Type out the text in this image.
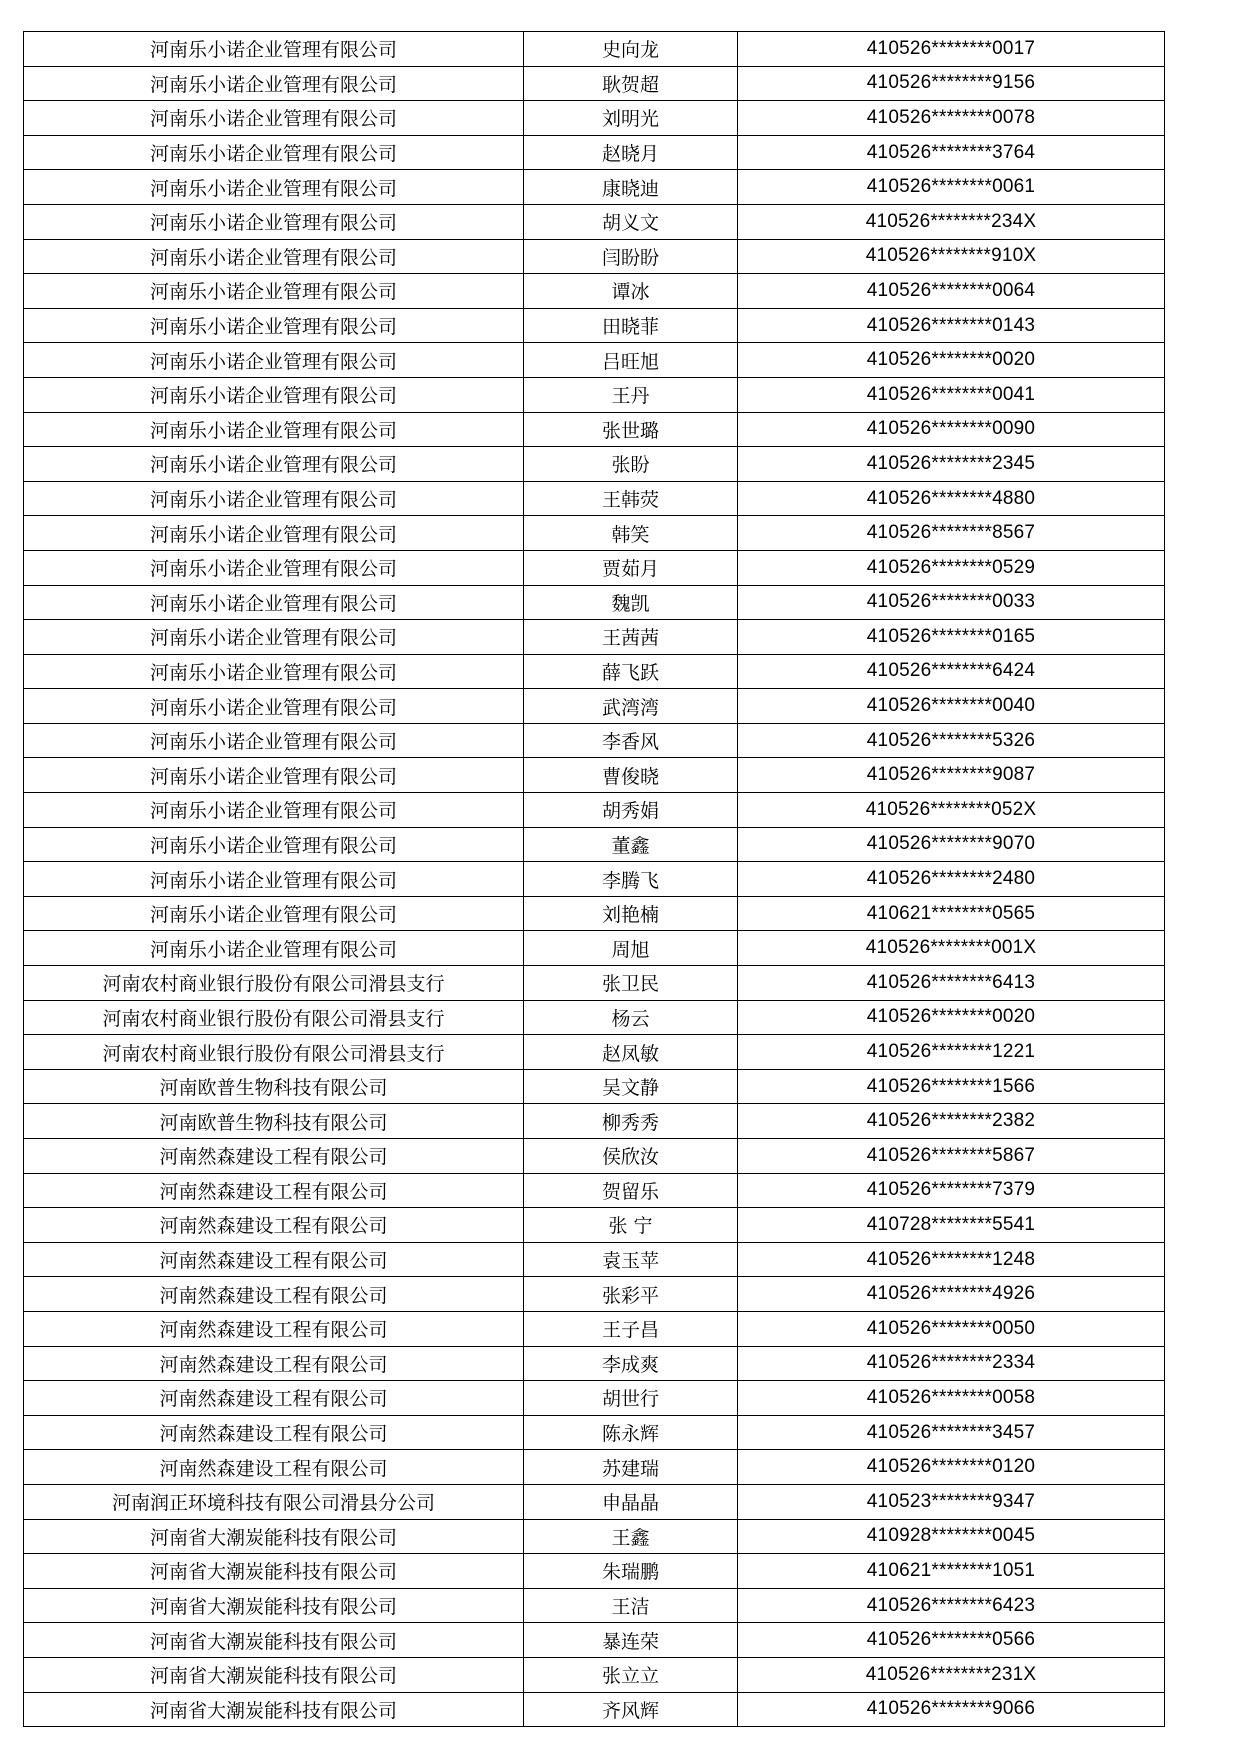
河南乐小诺企业管理有限公司	史向龙	410526********0017
河南乐小诺企业管理有限公司	耿贺超	410526********9156
河南乐小诺企业管理有限公司	刘明光	410526********0078
河南乐小诺企业管理有限公司	赵晓月	410526********3764
河南乐小诺企业管理有限公司	康晓迪	410526********0061
河南乐小诺企业管理有限公司	胡义文	410526********234X
河南乐小诺企业管理有限公司	闫盼盼	410526********910X
河南乐小诺企业管理有限公司	谭冰	410526********0064
河南乐小诺企业管理有限公司	田晓菲	410526********0143
河南乐小诺企业管理有限公司	吕旺旭	410526********0020
河南乐小诺企业管理有限公司	王丹	410526********0041
河南乐小诺企业管理有限公司	张世璐	410526********0090
河南乐小诺企业管理有限公司	张盼	410526********2345
河南乐小诺企业管理有限公司	王韩荧	410526********4880
河南乐小诺企业管理有限公司	韩笑	410526********8567
河南乐小诺企业管理有限公司	贾茹月	410526********0529
河南乐小诺企业管理有限公司	魏凯	410526********0033
河南乐小诺企业管理有限公司	王茜茜	410526********0165
河南乐小诺企业管理有限公司	薛飞跃	410526********6424
河南乐小诺企业管理有限公司	武湾湾	410526********0040
河南乐小诺企业管理有限公司	李香风	410526********5326
河南乐小诺企业管理有限公司	曹俊晓	410526********9087
河南乐小诺企业管理有限公司	胡秀娟	410526********052X
河南乐小诺企业管理有限公司	董鑫	410526********9070
河南乐小诺企业管理有限公司	李腾飞	410526********2480
河南乐小诺企业管理有限公司	刘艳楠	410621********0565
河南乐小诺企业管理有限公司	周旭	410526********001X
河南农村商业银行股份有限公司滑县支行	张卫民	410526********6413
河南农村商业银行股份有限公司滑县支行	杨云	410526********0020
河南农村商业银行股份有限公司滑县支行	赵凤敏	410526********1221
河南欧普生物科技有限公司	吴文静	410526********1566
河南欧普生物科技有限公司	柳秀秀	410526********2382
河南然森建设工程有限公司	侯欣汝	410526********5867
河南然森建设工程有限公司	贺留乐	410526********7379
河南然森建设工程有限公司	张 宁	410728********5541
河南然森建设工程有限公司	袁玉苹	410526********1248
河南然森建设工程有限公司	张彩平	410526********4926
河南然森建设工程有限公司	王子昌	410526********0050
河南然森建设工程有限公司	李成爽	410526********2334
河南然森建设工程有限公司	胡世行	410526********0058
河南然森建设工程有限公司	陈永辉	410526********3457
河南然森建设工程有限公司	苏建瑞	410526********0120
河南润正环境科技有限公司滑县分公司	申晶晶	410523********9347
河南省大潮炭能科技有限公司	王鑫	410928********0045
河南省大潮炭能科技有限公司	朱瑞鹏	410621********1051
河南省大潮炭能科技有限公司	王洁	410526********6423
河南省大潮炭能科技有限公司	暴连荣	410526********0566
河南省大潮炭能科技有限公司	张立立	410526********231X
河南省大潮炭能科技有限公司	齐风辉	410526********9066
